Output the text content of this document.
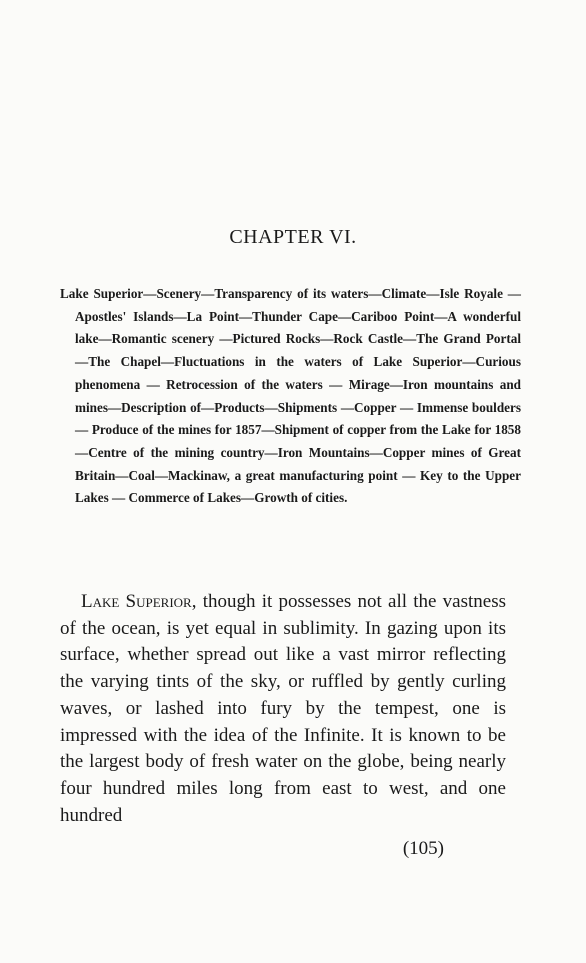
CHAPTER VI.
Lake Superior—Scenery—Transparency of its waters—Climate—Isle Royale — Apostles' Islands—La Point—Thunder Cape—Cariboo Point—A wonderful lake—Romantic scenery —Pictured Rocks—Rock Castle—The Grand Portal—The Chapel—Fluctuations in the waters of Lake Superior—Curious phenomena — Retrocession of the waters — Mirage—Iron mountains and mines—Description of—Products—Shipments —Copper — Immense boulders — Produce of the mines for 1857—Shipment of copper from the Lake for 1858—Centre of the mining country—Iron Mountains—Copper mines of Great Britain—Coal—Mackinaw, a great manufacturing point — Key to the Upper Lakes — Commerce of Lakes—Growth of cities.
Lake Superior, though it possesses not all the vastness of the ocean, is yet equal in sublimity. In gazing upon its surface, whether spread out like a vast mirror reflecting the varying tints of the sky, or ruffled by gently curling waves, or lashed into fury by the tempest, one is impressed with the idea of the Infinite. It is known to be the largest body of fresh water on the globe, being nearly four hundred miles long from east to west, and one hundred
(105)
